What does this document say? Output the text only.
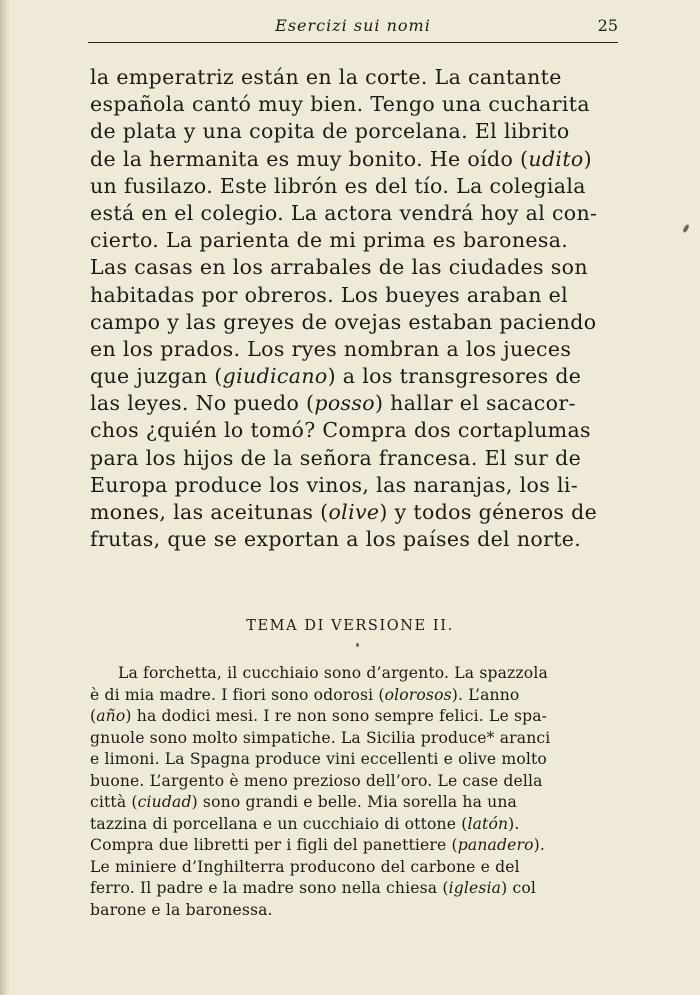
Esercizi sui nomi	25
la emperatriz están en la corte. La cantante
española cantó muy bien. Tengo una cucharita
de plata y una copita de porcelana. El librito
de la hermanita es muy bonito. He oído (udito)
un fusilazo. Este librón es del tío. La colegiala
está en el colegio. La actora vendrá hoy al con-
cierto. La parienta de mi prima es baronesa.
Las casas en los arrabales de las ciudades son
habitadas por obreros. Los bueyes araban el
campo y las greyes de ovejas estaban paciendo
en los prados. Los ryes nombran a los jueces
que juzgan (giudicano) a los transgresores de
las leyes. No puedo (posso) hallar el sacacor-
chos ¿quién lo tomó? Compra dos cortaplumas
para los hijos de la señora francesa. El sur de
Europa produce los vinos, las naranjas, los li-
mones, las aceitunas (olive) y todos géneros de
frutas, que se exportan a los países del norte.
TEMA DI VERSIONE II.
La forchetta, il cucchiaio sono d’argento. La spazzola
è di mia madre. I fiori sono odorosi (olorosos). L’anno
(año) ha dodici mesi. I re non sono sempre felici. Le spa-
gnuole sono molto simpatiche. La Sicilia produce* aranci
e limoni. La Spagna produce vini eccellenti e olive molto
buone. L’argento è meno prezioso dell’oro. Le case della
città (ciudad) sono grandi e belle. Mia sorella ha una
tazzina di porcellana e un cucchiaio di ottone (latón).
Compra due libretti per i figli del panettiere (panadero).
Le miniere d’Inghilterra producono del carbone e del
ferro. Il padre e la madre sono nella chiesa (iglesia) col
barone e la baronessa.
